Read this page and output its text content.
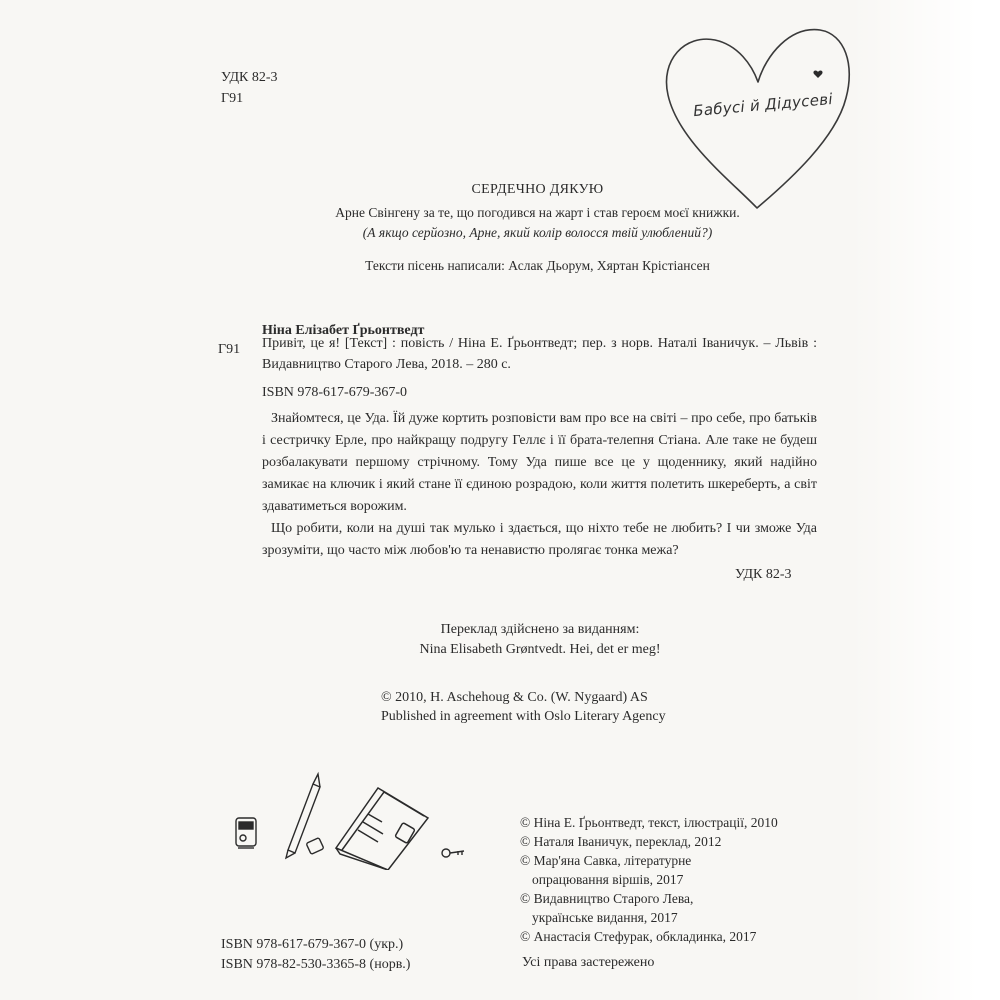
УДК 82-3
Г91	Бабусі й Дідусеві
СЕРДЕЧНО ДЯКУЮ
Арне Свінгену за те, що погодився на жарт і став героєм моєї книжки.
(А якщо серйозно, Арне, який колір волосся твій улюблений?)
Тексти пісень написали: Аслак Дьорум, Хяртан Крістіансен
Ніна Елізабет Ґрьонтведт
Г91 Привіт, це я! [Текст] : повість / Ніна Е. Ґрьонтведт; пер. з норв. Наталі Іваничук. – Львів : Видавництво Старого Лева, 2018. – 280 с.
ISBN 978-617-679-367-0

Знайомтеся, це Уда. Їй дуже кортить розповісти вам про все на світі – про себе, про батьків і сестричку Ерле, про найкращу подругу Геллє і її брата-телепня Стіана. Але таке не будеш розбалакувати першому стрічному. Тому Уда пише все це у щоденнику, який надійно замикає на ключик і який стане її єдиною розрадою, коли життя полетить шкереберть, а світ здаватиметься ворожим.

Що робити, коли на душі так мулько і здається, що ніхто тебе не любить? І чи зможе Уда зрозуміти, що часто між любов'ю та ненавистю пролягає тонка межа?

УДК 82-3
Переклад здійснено за виданням:
Nina Elisabeth Grøntvedt. Hei, det er meg!
© 2010, H. Aschehoug & Co. (W. Nygaard) AS
Published in agreement with Oslo Literary Agency
© Ніна Е. Ґрьонтведт, текст, ілюстрації, 2010
© Наталя Іваничук, переклад, 2012
© Мар'яна Савка, літературне
опрацювання віршів, 2017
© Видавництво Старого Лева,
українське видання, 2017
© Анастасія Стефурак, обкладинка, 2017
ISBN 978-617-679-367-0 (укр.)
ISBN 978-82-530-3365-8 (норв.)	Усі права застережено
